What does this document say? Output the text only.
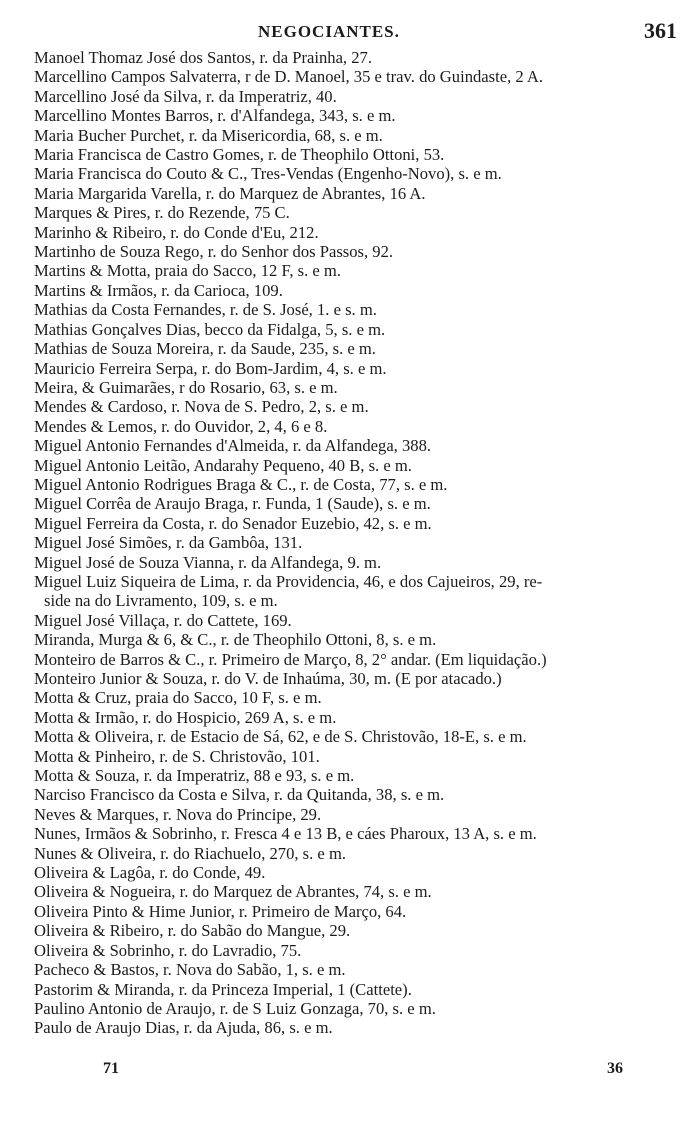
NEGOCIANTES.	361
Manoel Thomaz José dos Santos, r. da Prainha, 27.
Marcellino Campos Salvaterra, r de D. Manoel, 35 e trav. do Guindaste, 2 A.
Marcellino José da Silva, r. da Imperatriz, 40.
Marcellino Montes Barros, r. d'Alfandega, 343, s. e m.
Maria Bucher Purchet, r. da Misericordia, 68, s. e m.
Maria Francisca de Castro Gomes, r. de Theophilo Ottoni, 53.
Maria Francisca do Couto & C., Tres-Vendas (Engenho-Novo), s. e m.
Maria Margarida Varella, r. do Marquez de Abrantes, 16 A.
Marques & Pires, r. do Rezende, 75 C.
Marinho & Ribeiro, r. do Conde d'Eu, 212.
Martinho de Souza Rego, r. do Senhor dos Passos, 92.
Martins & Motta, praia do Sacco, 12 F, s. e m.
Martins & Irmãos, r. da Carioca, 109.
Mathias da Costa Fernandes, r. de S. José, 1. e s. m.
Mathias Gonçalves Dias, becco da Fidalga, 5, s. e m.
Mathias de Souza Moreira, r. da Saude, 235, s. e m.
Mauricio Ferreira Serpa, r. do Bom-Jardim, 4, s. e m.
Meira, & Guimarães, r do Rosario, 63, s. e m.
Mendes & Cardoso, r. Nova de S. Pedro, 2, s. e m.
Mendes & Lemos, r. do Ouvidor, 2, 4, 6 e 8.
Miguel Antonio Fernandes d'Almeida, r. da Alfandega, 388.
Miguel Antonio Leitão, Andarahy Pequeno, 40 B, s. e m.
Miguel Antonio Rodrigues Braga & C., r. de Costa, 77, s. e m.
Miguel Corrêa de Araujo Braga, r. Funda, 1 (Saude), s. e m.
Miguel Ferreira da Costa, r. do Senador Euzebio, 42, s. e m.
Miguel José Simões, r. da Gambôa, 131.
Miguel José de Souza Vianna, r. da Alfandega, 9. m.
Miguel Luiz Siqueira de Lima, r. da Providencia, 46, e dos Cajueiros, 29, re-
side na do Livramento, 109, s. e m.
Miguel José Villaça, r. do Cattete, 169.
Miranda, Murga & 6, & C., r. de Theophilo Ottoni, 8, s. e m.
Monteiro de Barros & C., r. Primeiro de Março, 8, 2° andar. (Em liquidação.)
Monteiro Junior & Souza, r. do V. de Inhaúma, 30, m. (E por atacado.)
Motta & Cruz, praia do Sacco, 10 F, s. e m.
Motta & Irmão, r. do Hospicio, 269 A, s. e m.
Motta & Oliveira, r. de Estacio de Sá, 62, e de S. Christovão, 18-E, s. e m.
Motta & Pinheiro, r. de S. Christovão, 101.
Motta & Souza, r. da Imperatriz, 88 e 93, s. e m.
Narciso Francisco da Costa e Silva, r. da Quitanda, 38, s. e m.
Neves & Marques, r. Nova do Principe, 29.
Nunes, Irmãos & Sobrinho, r. Fresca 4 e 13 B, e cáes Pharoux, 13 A, s. e m.
Nunes & Oliveira, r. do Riachuelo, 270, s. e m.
Oliveira & Lagôa, r. do Conde, 49.
Oliveira & Nogueira, r. do Marquez de Abrantes, 74, s. e m.
Oliveira Pinto & Hime Junior, r. Primeiro de Março, 64.
Oliveira & Ribeiro, r. do Sabão do Mangue, 29.
Oliveira & Sobrinho, r. do Lavradio, 75.
Pacheco & Bastos, r. Nova do Sabão, 1, s. e m.
Pastorim & Miranda, r. da Princeza Imperial, 1 (Cattete).
Paulino Antonio de Araujo, r. de S Luiz Gonzaga, 70, s. e m.
Paulo de Araujo Dias, r. da Ajuda, 86, s. e m.
71	36
